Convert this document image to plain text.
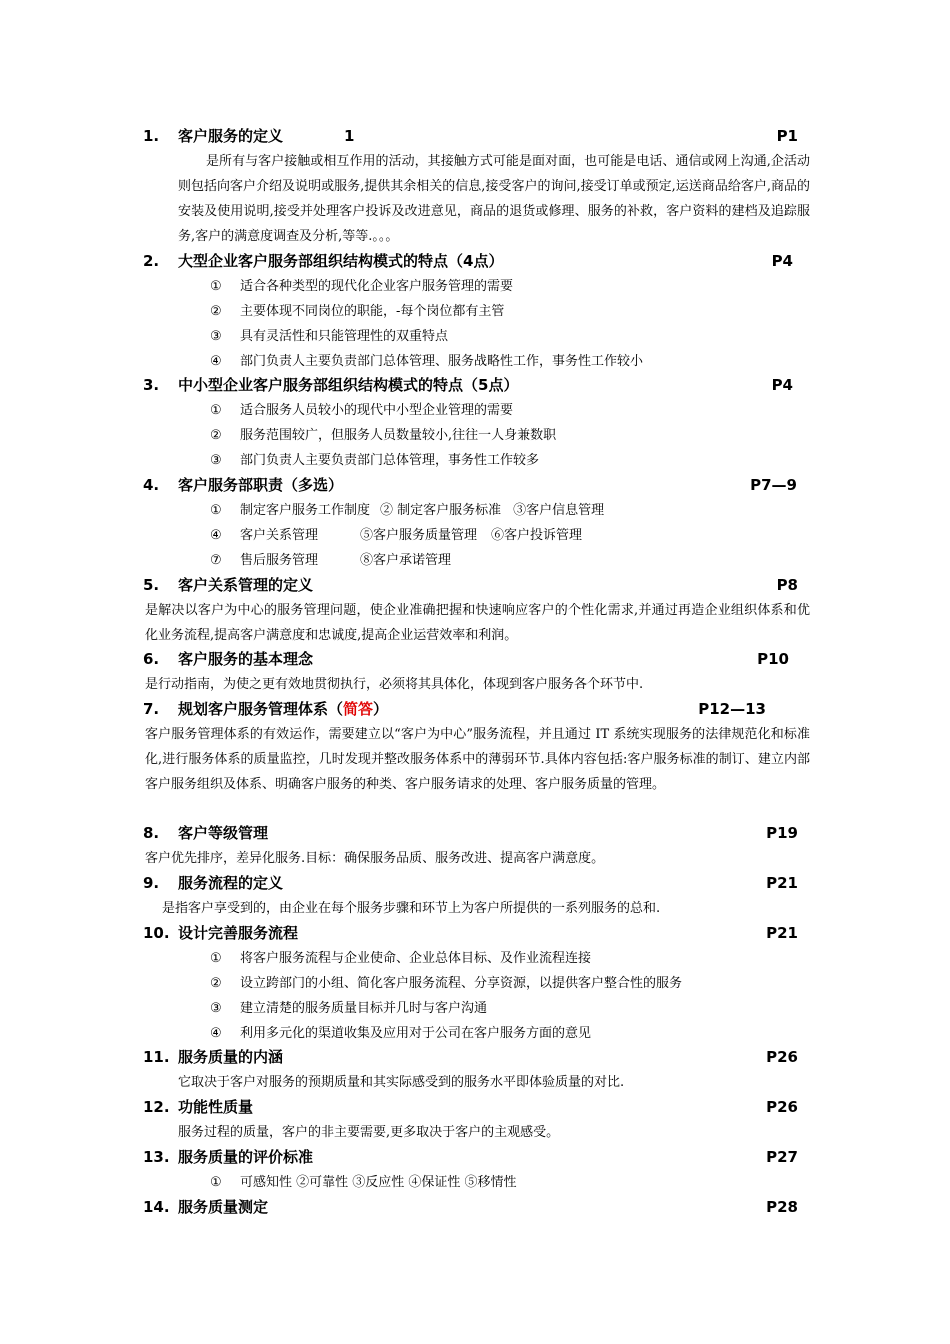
1. 客户服务的定义	1	P1
是所有与客户接触或相互作用的活动，其接触方式可能是面对面，也可能是电话、通信或网上沟通,企活动则包括向客户介绍及说明或服务,提供其余相关的信息,接受客户的询问,接受订单或预定,运送商品给客户,商品的安装及使用说明,接受并处理客户投诉及改进意见，商品的退货或修理、服务的补救，客户资料的建档及追踪服务,客户的满意度调查及分析,等等.。。。
2. 大型企业客户服务部组织结构模式的特点（4点）	P4
① 适合各种类型的现代化企业客户服务管理的需要
② 主要体现不同岗位的职能，-每个岗位都有主管
③ 具有灵活性和只能管理性的双重特点
④ 部门负责人主要负责部门总体管理、服务战略性工作，事务性工作较小
3. 中小型企业客户服务部组织结构模式的特点（5点）	P4
① 适合服务人员较小的现代中小型企业管理的需要
② 服务范围较广，但服务人员数量较小,往往一人身兼数职
③ 部门负责人主要负责部门总体管理，事务性工作较多
4. 客户服务部职责（多选）	P7—9
① 制定客户服务工作制度 ② 制定客户服务标准 ③客户信息管理
④ 客户关系管理	⑤客户服务质量管理 ⑥客户投诉管理
⑦ 售后服务管理	⑧客户承诺管理
5. 客户关系管理的定义	P8
是解决以客户为中心的服务管理问题，使企业准确把握和快速响应客户的个性化需求,并通过再造企业组织体系和优化业务流程,提高客户满意度和忠诚度,提高企业运营效率和利润。
6. 客户服务的基本理念	P10
是行动指南，为使之更有效地贯彻执行，必须将其具体化，体现到客户服务各个环节中.
7. 规划客户服务管理体系（简答）	P12—13
客户服务管理体系的有效运作，需要建立以“客户为中心”服务流程，并且通过 IT 系统实现服务的法律规范化和标准化,进行服务体系的质量监控，几时发现并整改服务体系中的薄弱环节.具体内容包括:客户服务标准的制订、建立内部客户服务组织及体系、明确客户服务的种类、客户服务请求的处理、客户服务质量的管理。
8. 客户等级管理	P19
客户优先排序，差异化服务.目标：确保服务品质、服务改进、提高客户满意度。
9. 服务流程的定义	P21
是指客户享受到的，由企业在每个服务步骤和环节上为客户所提供的一系列服务的总和.
10. 设计完善服务流程	P21
① 将客户服务流程与企业使命、企业总体目标、及作业流程连接
② 设立跨部门的小组、简化客户服务流程、分享资源，以提供客户整合性的服务
③ 建立清楚的服务质量目标并几时与客户沟通
④ 利用多元化的渠道收集及应用对于公司在客户服务方面的意见
11. 服务质量的内涵	P26
它取决于客户对服务的预期质量和其实际感受到的服务水平即体验质量的对比.
12. 功能性质量	P26
服务过程的质量，客户的非主要需要,更多取决于客户的主观感受。
13. 服务质量的评价标准	P27
① 可感知性 ②可靠性 ③反应性 ④保证性 ⑤移情性
14. 服务质量测定	P28
